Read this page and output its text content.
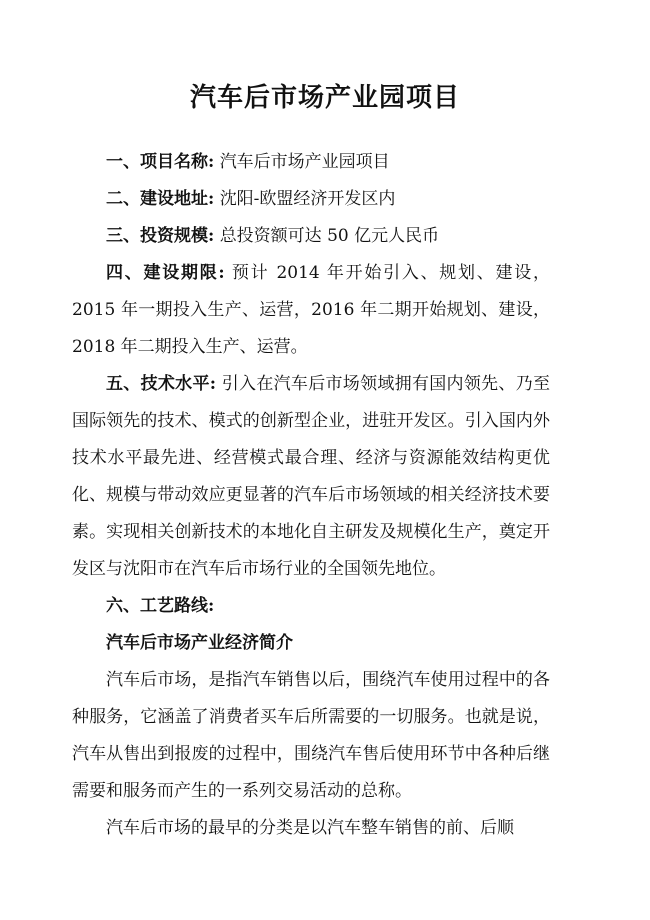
汽车后市场产业园项目
一、项目名称: 汽车后市场产业园项目
二、建设地址: 沈阳-欧盟经济开发区内
三、投资规模: 总投资额可达 50 亿元人民币

四、建设期限: 预计 2014 年开始引入、规划、建设，2015 年一期投入生产、运营，2016 年二期开始规划、建设，2018 年二期投入生产、运营。

五、技术水平: 引入在汽车后市场领域拥有国内领先、乃至国际领先的技术、模式的创新型企业，进驻开发区。引入国内外技术水平最先进、经营模式最合理、经济与资源能效结构更优化、规模与带动效应更显著的汽车后市场领域的相关经济技术要素。实现相关创新技术的本地化自主研发及规模化生产，奠定开发区与沈阳市在汽车后市场行业的全国领先地位。

六、工艺路线:
汽车后市场产业经济简介

汽车后市场，是指汽车销售以后，围绕汽车使用过程中的各种服务，它涵盖了消费者买车后所需要的一切服务。也就是说，汽车从售出到报废的过程中，围绕汽车售后使用环节中各种后继需要和服务而产生的一系列交易活动的总称。

汽车后市场的最早的分类是以汽车整车销售的前、后顺
